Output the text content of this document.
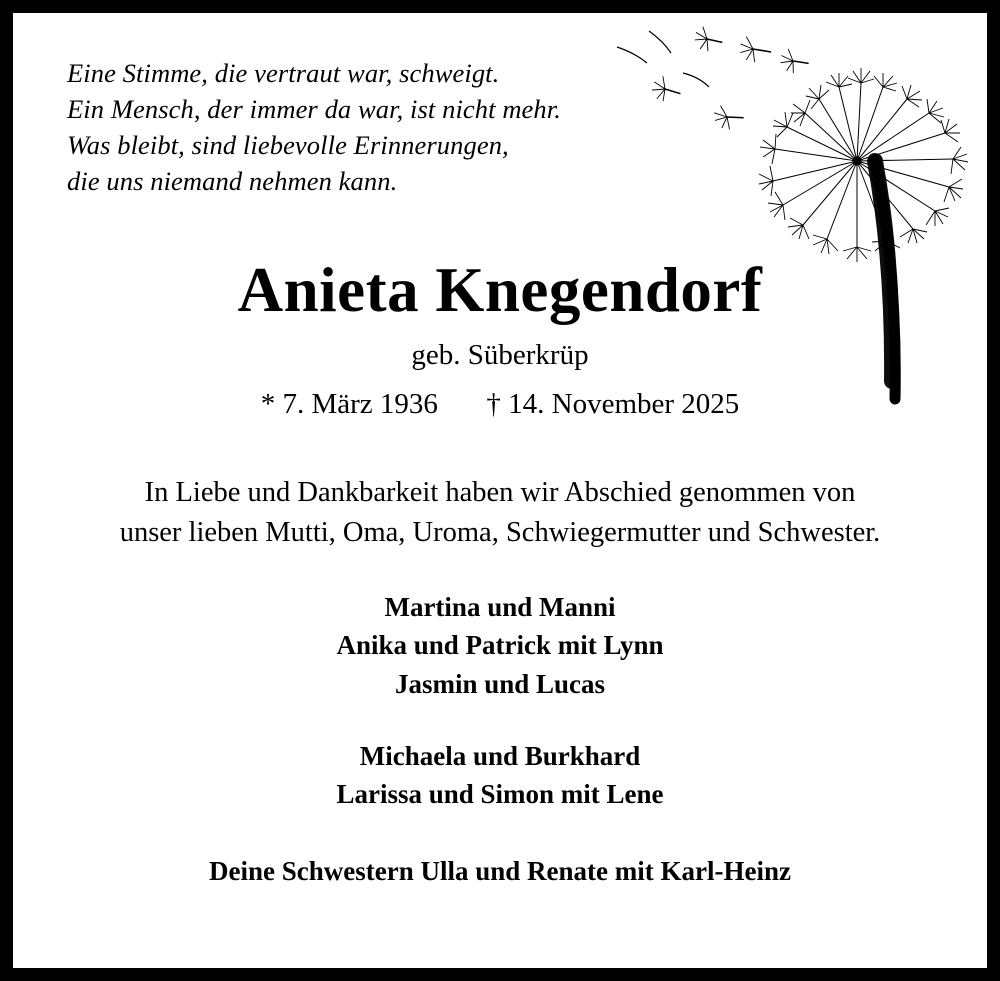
Eine Stimme, die vertraut war, schweigt.
Ein Mensch, der immer da war, ist nicht mehr.
Was bleibt, sind liebevolle Erinnerungen,
die uns niemand nehmen kann.
Anieta Knegendorf
geb. Süberkrüp
* 7. März 1936 † 14. November 2025
In Liebe und Dankbarkeit haben wir Abschied genommen von
unser lieben Mutti, Oma, Uroma, Schwiegermutter und Schwester.
Martina und Manni
Anika und Patrick mit Lynn
Jasmin und Lucas
Michaela und Burkhard
Larissa und Simon mit Lene
Deine Schwestern Ulla und Renate mit Karl-Heinz
